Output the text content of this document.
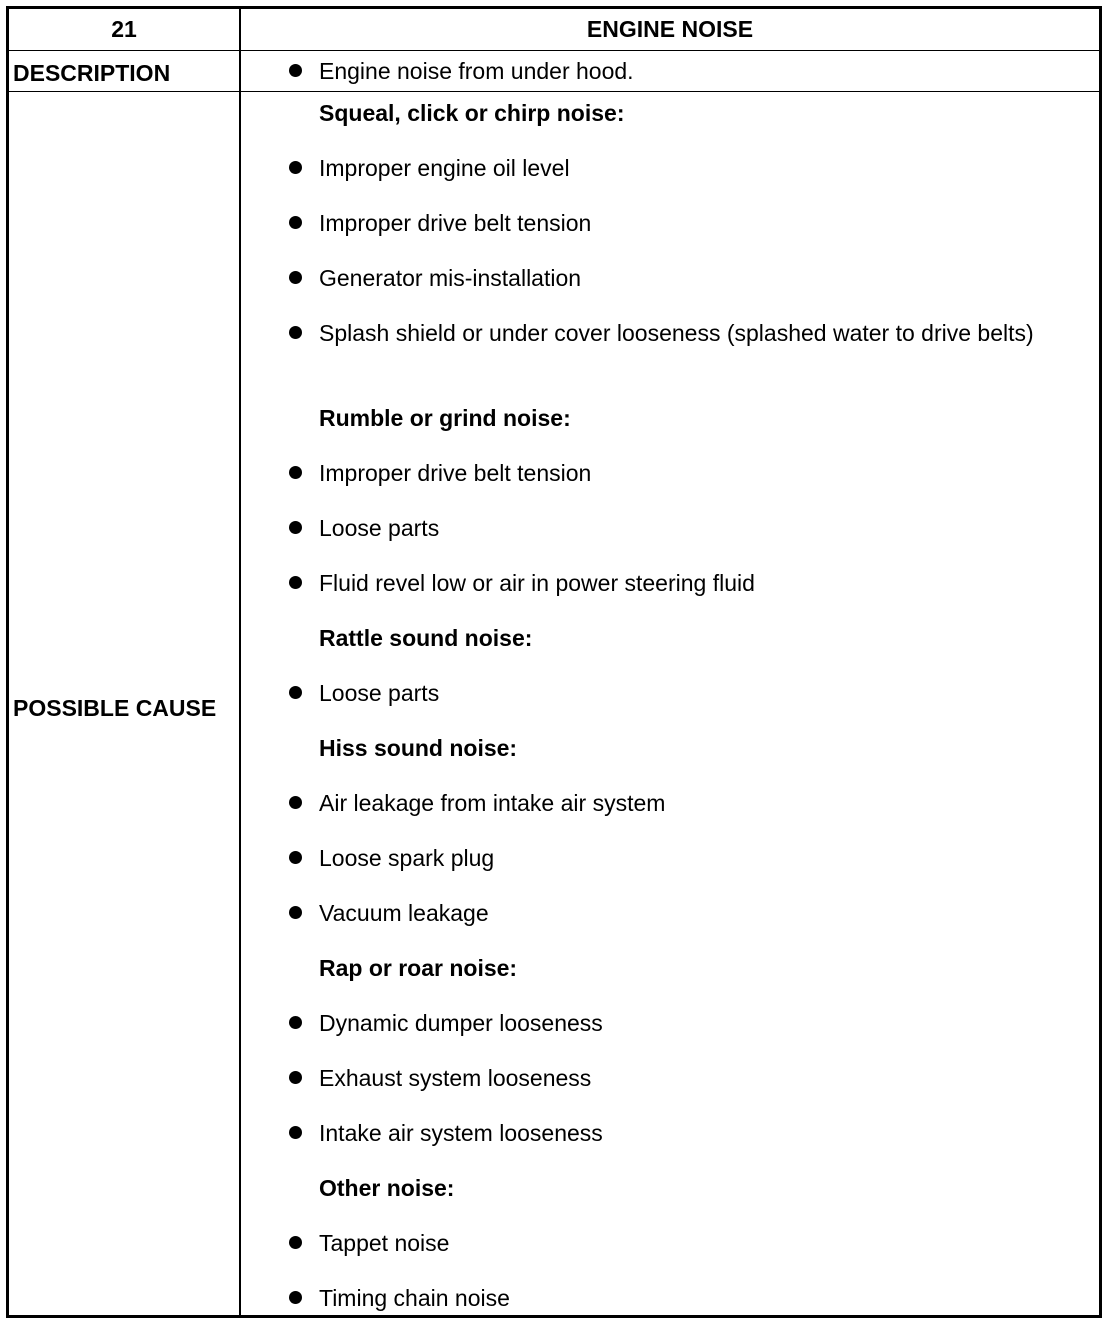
21	ENGINE NOISE
DESCRIPTION	Engine noise from under hood.
POSSIBLE CAUSE
Squeal, click or chirp noise:
Improper engine oil level
Improper drive belt tension
Generator mis-installation
Splash shield or under cover looseness (splashed water to drive belts)
Rumble or grind noise:
Improper drive belt tension
Loose parts
Fluid revel low or air in power steering fluid
Rattle sound noise:
Loose parts
Hiss sound noise:
Air leakage from intake air system
Loose spark plug
Vacuum leakage
Rap or roar noise:
Dynamic dumper looseness
Exhaust system looseness
Intake air system looseness
Other noise:
Tappet noise
Timing chain noise
